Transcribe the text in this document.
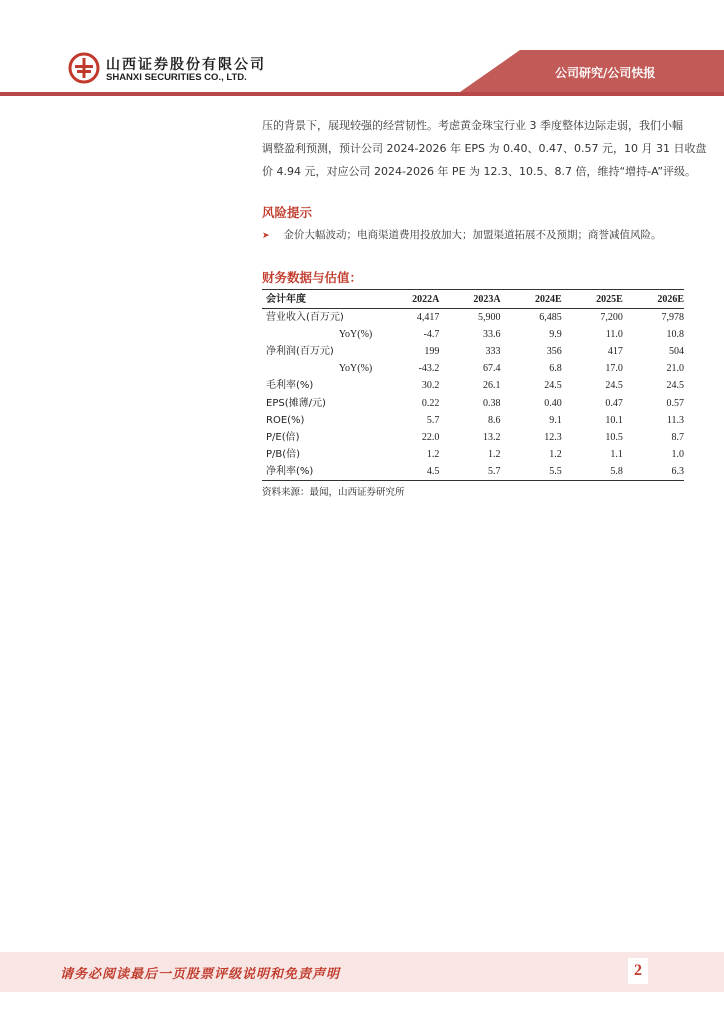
山西证券股份有限公司
SHANXI SECURITIES CO., LTD.	公司研究/公司快报

压的背景下，展现较强的经营韧性。考虑黄金珠宝行业 3 季度整体边际走弱，我们小幅
调整盈利预测，预计公司 2024-2026 年 EPS 为 0.40、0.47、0.57 元，10 月 31 日收盘
价 4.94 元，对应公司 2024-2026 年 PE 为 12.3、10.5、8.7 倍，维持“增持-A”评级。

风险提示
➤ 金价大幅波动；电商渠道费用投放加大；加盟渠道拓展不及预期；商誉减值风险。
财务数据与估值：
会计年度	2022A	2023A	2024E	2025E	2026E
营业收入(百万元)	4,417	5,900	6,485	7,200	7,978
YoY(%)	-4.7	33.6	9.9	11.0	10.8
净利润(百万元)	199	333	356	417	504
YoY(%)	-43.2	67.4	6.8	17.0	21.0
毛利率(%)	30.2	26.1	24.5	24.5	24.5
EPS(摊薄/元)	0.22	0.38	0.40	0.47	0.57
ROE(%)	5.7	8.6	9.1	10.1	11.3
P/E(倍)	22.0	13.2	12.3	10.5	8.7
P/B(倍)	1.2	1.2	1.2	1.1	1.0
净利率(%)	4.5	5.7	5.5	5.8	6.3
资料来源：最闻，山西证券研究所
请务必阅读最后一页股票评级说明和免责声明	2
